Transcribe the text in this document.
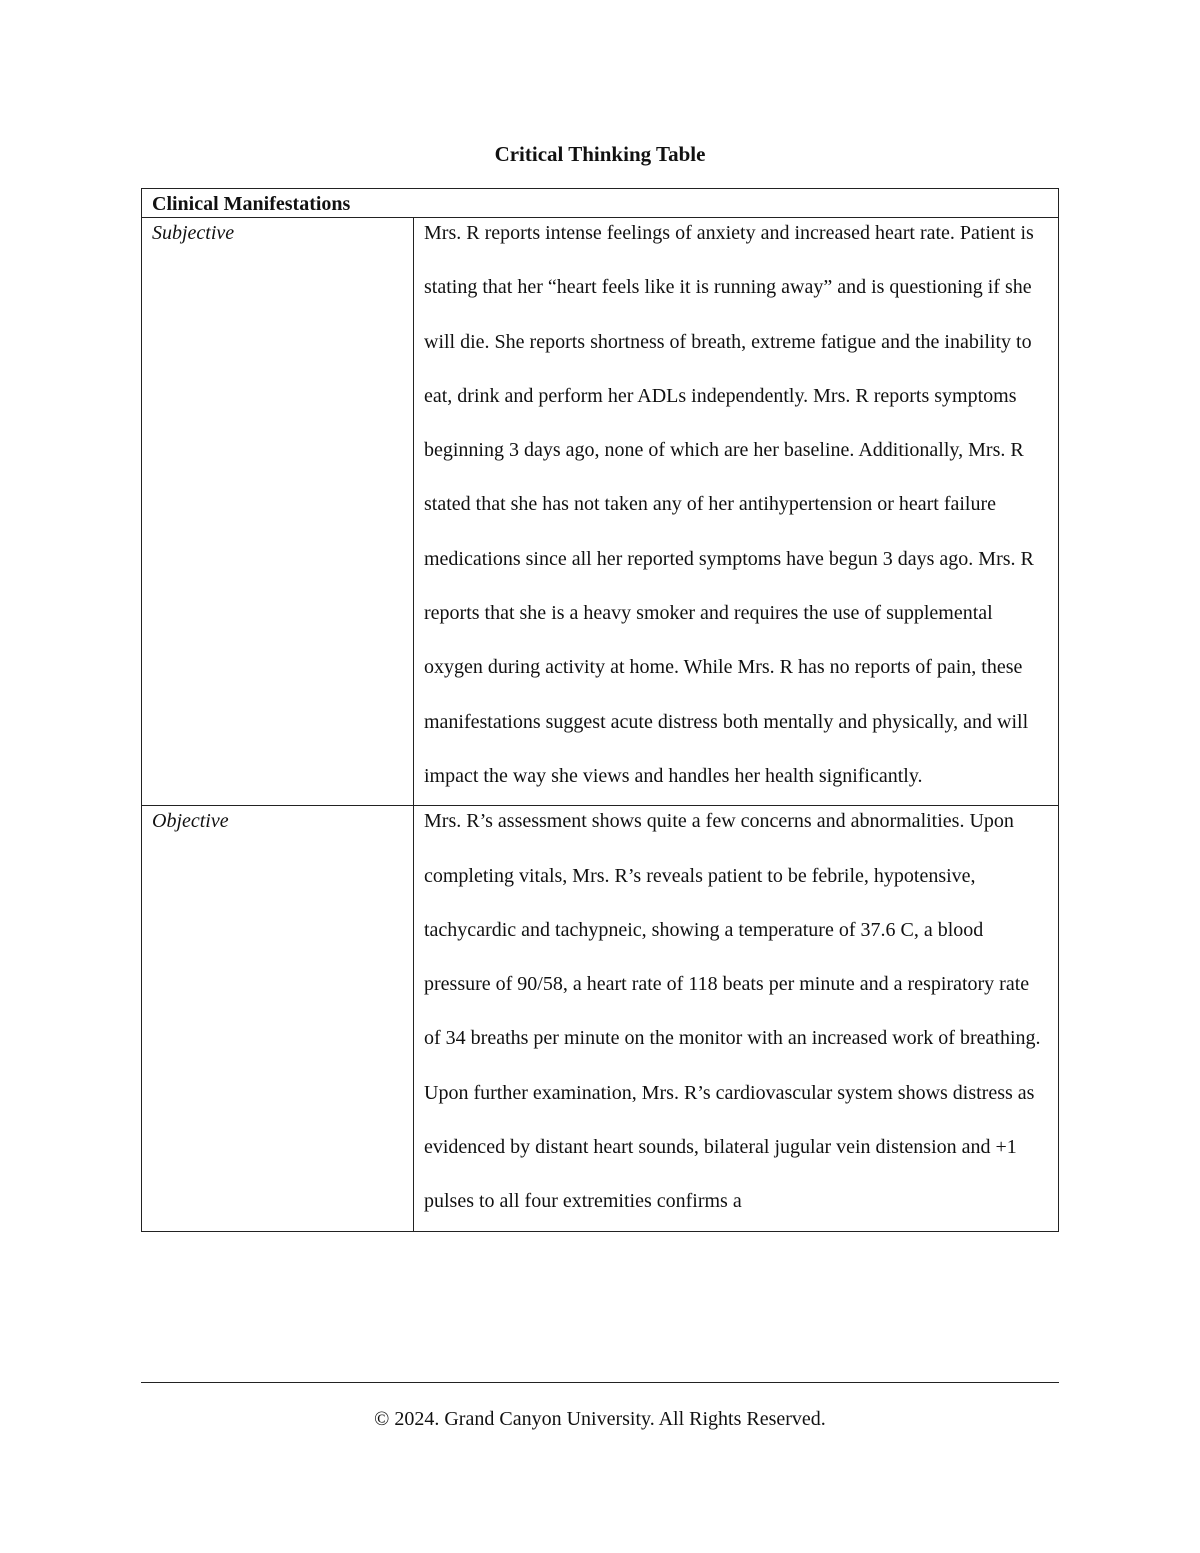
Critical Thinking Table
Clinical Manifestations	
Subjective	Mrs. R reports intense feelings of anxiety and increased heart rate. Patient is stating that her “heart feels like it is running away” and is questioning if she will die. She reports shortness of breath, extreme fatigue and the inability to eat, drink and perform her ADLs independently. Mrs. R reports symptoms beginning 3 days ago, none of which are her baseline. Additionally, Mrs. R stated that she has not taken any of her antihypertension or heart failure medications since all her reported symptoms have begun 3 days ago. Mrs. R reports that she is a heavy smoker and requires the use of supplemental oxygen during activity at home. While Mrs. R has no reports of pain, these manifestations suggest acute distress both mentally and physically, and will impact the way she views and handles her health significantly.

Objective	Mrs. R’s assessment shows quite a few concerns and abnormalities. Upon completing vitals, Mrs. R’s reveals patient to be febrile, hypotensive, tachycardic and tachypneic, showing a temperature of 37.6 C, a blood pressure of 90/58, a heart rate of 118 beats per minute and a respiratory rate of 34 breaths per minute on the monitor with an increased work of breathing. Upon further examination, Mrs. R’s cardiovascular system shows distress as evidenced by distant heart sounds, bilateral jugular vein distension and +1 pulses to all four extremities confirms a
© 2024. Grand Canyon University. All Rights Reserved.
